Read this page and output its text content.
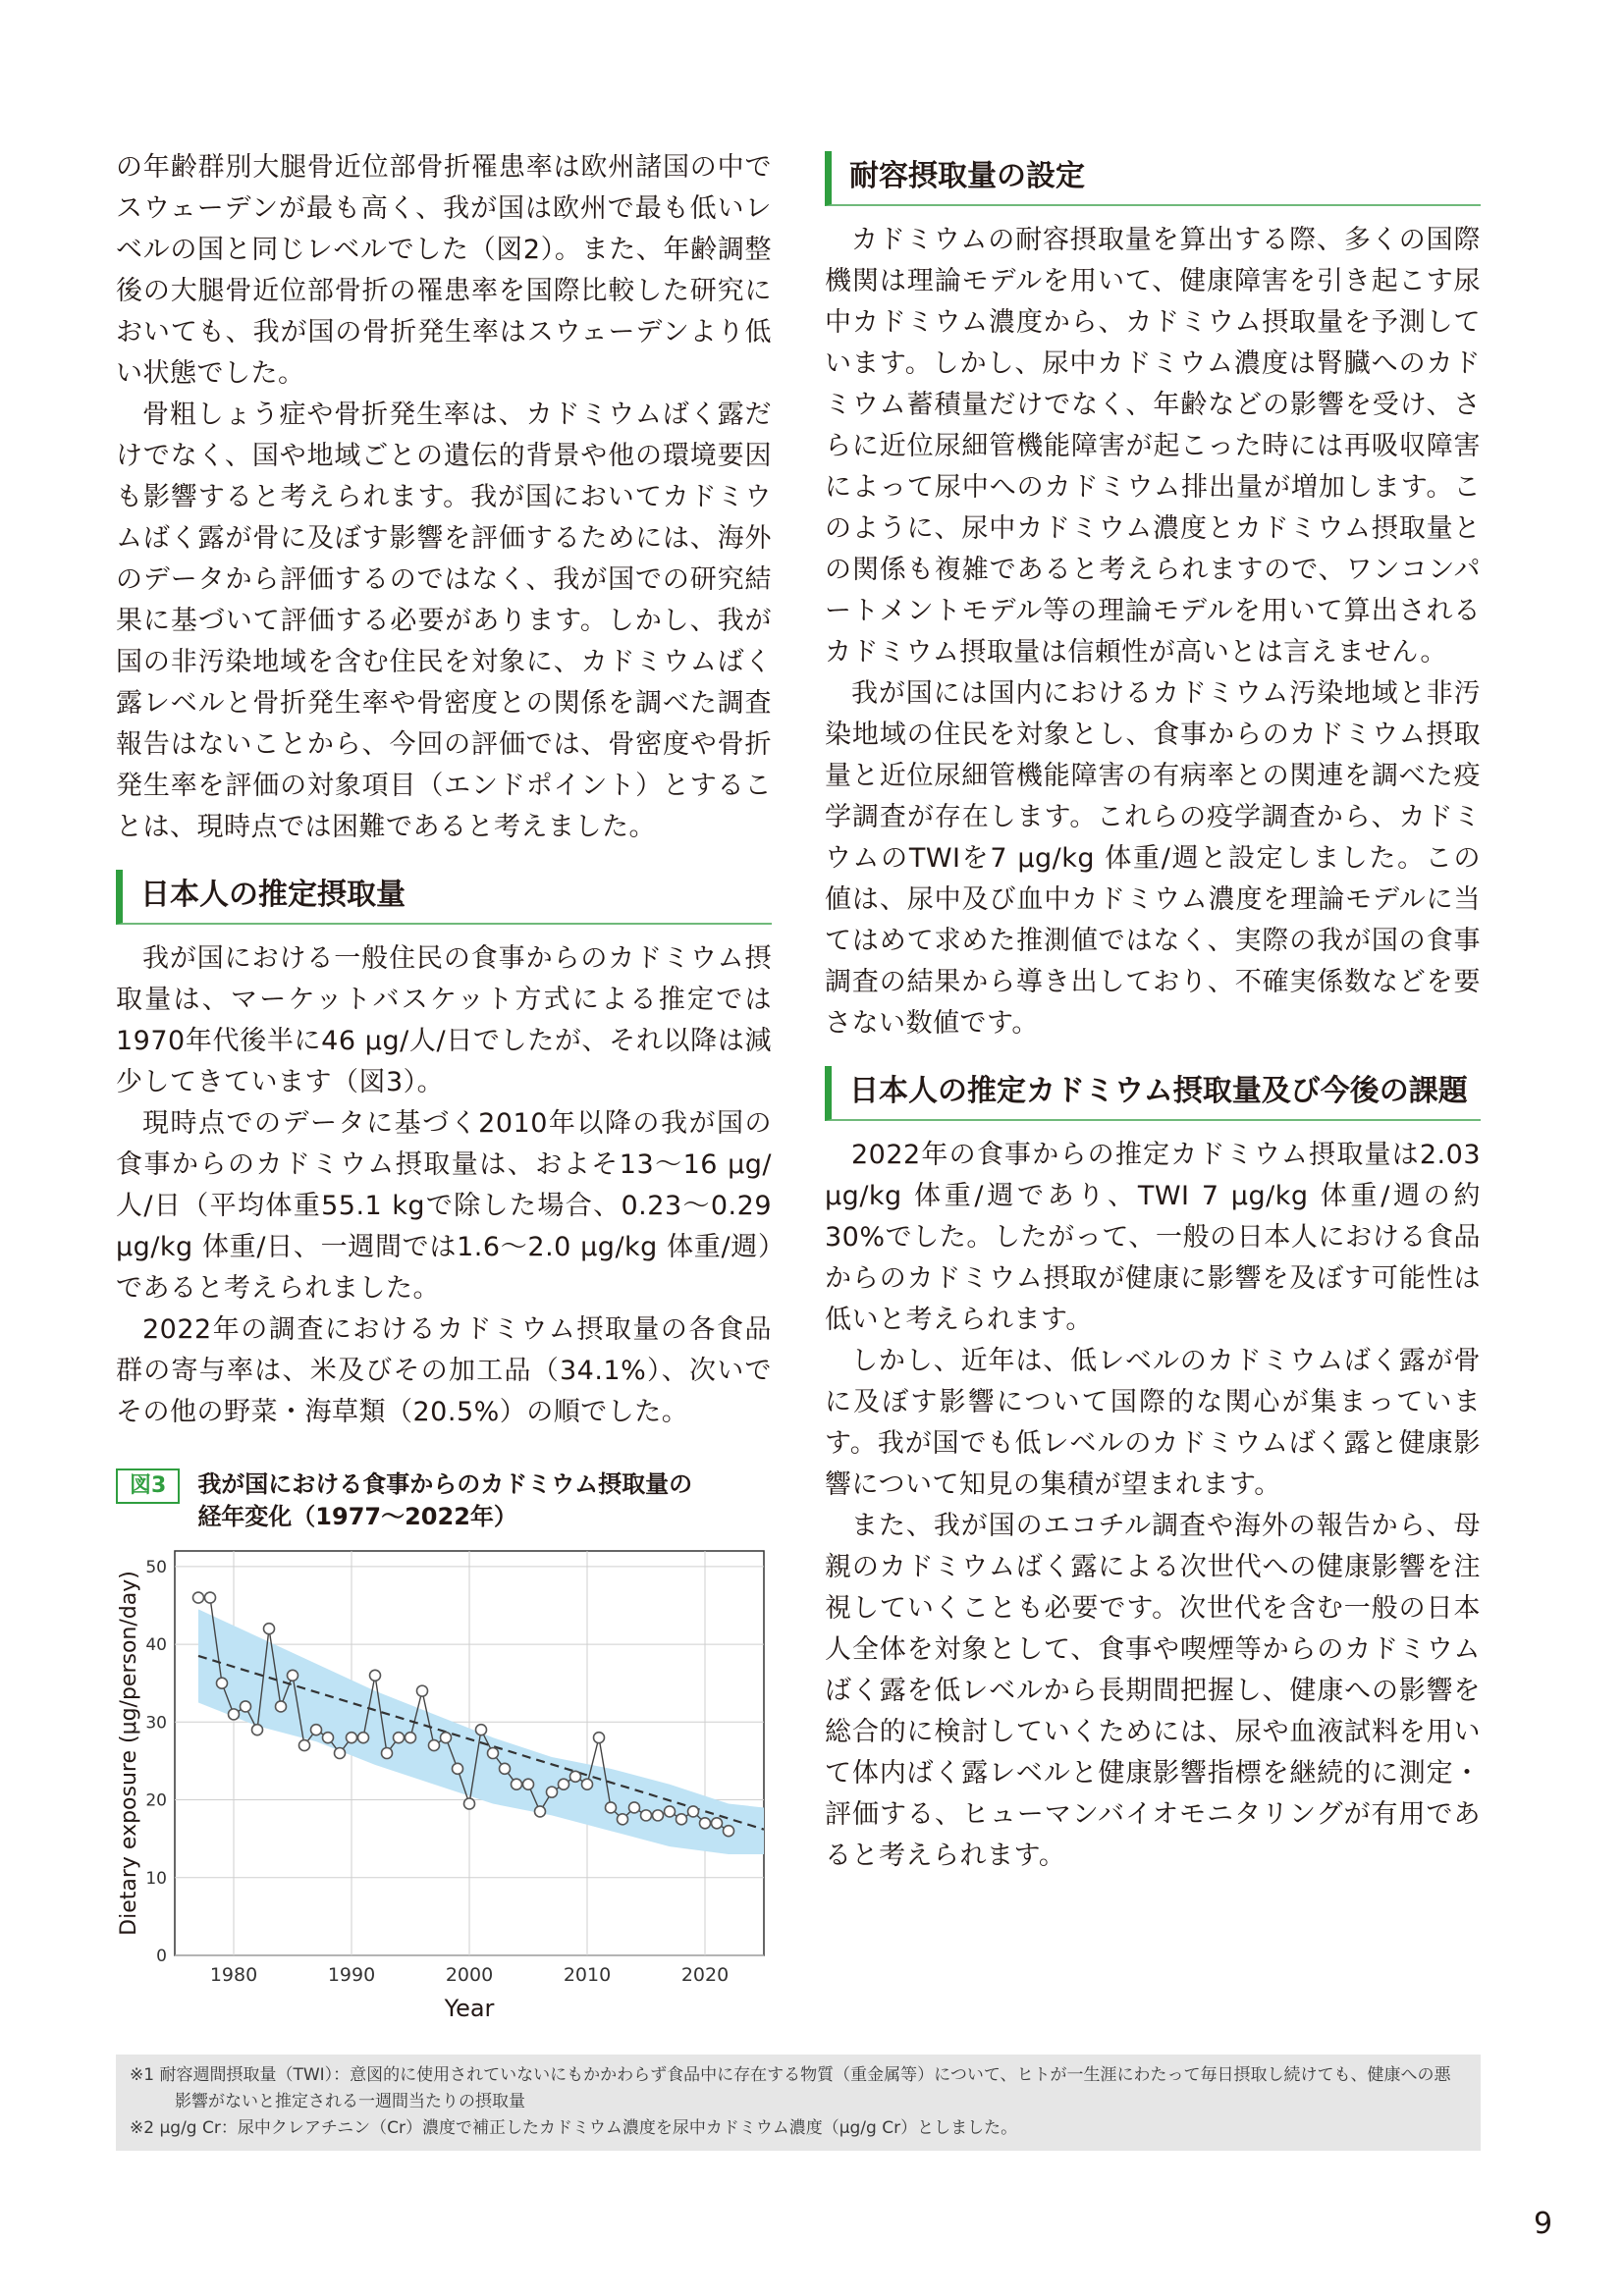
の年齢群別大腿骨近位部骨折罹患率は欧州諸国の中でスウェーデンが最も高く、我が国は欧州で最も低いレベルの国と同じレベルでした（図2）。また、年齢調整後の大腿骨近位部骨折の罹患率を国際比較した研究においても、我が国の骨折発生率はスウェーデンより低い状態でした。

骨粗しょう症や骨折発生率は、カドミウムばく露だけでなく、国や地域ごとの遺伝的背景や他の環境要因も影響すると考えられます。我が国においてカドミウムばく露が骨に及ぼす影響を評価するためには、海外のデータから評価するのではなく、我が国での研究結果に基づいて評価する必要があります。しかし、我が国の非汚染地域を含む住民を対象に、カドミウムばく露レベルと骨折発生率や骨密度との関係を調べた調査報告はないことから、今回の評価では、骨密度や骨折発生率を評価の対象項目（エンドポイント）とすることは、現時点では困難であると考えました。

日本人の推定摂取量

我が国における一般住民の食事からのカドミウム摂取量は、マーケットバスケット方式による推定では1970年代後半に46 μg/人/日でしたが、それ以降は減少してきています（図3）。

現時点でのデータに基づく2010年以降の我が国の食事からのカドミウム摂取量は、およそ13～16 μg/人/日（平均体重55.1 kgで除した場合、0.23～0.29 μg/kg 体重/日、一週間では1.6～2.0 μg/kg 体重/週）であると考えられました。

2022年の調査におけるカドミウム摂取量の各食品群の寄与率は、米及びその加工品（34.1%）、次いでその他の野菜・海草類（20.5%）の順でした。

図3	我が国における食事からのカドミウム摂取量の
経年変化（1977～2022年）
1980	1990	2000	2010	2020
0
10
20
30
40
50
Year
Dietary exposure (μg/person/day)
耐容摂取量の設定

カドミウムの耐容摂取量を算出する際、多くの国際機関は理論モデルを用いて、健康障害を引き起こす尿中カドミウム濃度から、カドミウム摂取量を予測しています。しかし、尿中カドミウム濃度は腎臓へのカドミウム蓄積量だけでなく、年齢などの影響を受け、さらに近位尿細管機能障害が起こった時には再吸収障害によって尿中へのカドミウム排出量が増加します。このように、尿中カドミウム濃度とカドミウム摂取量との関係も複雑であると考えられますので、ワンコンパートメントモデル等の理論モデルを用いて算出されるカドミウム摂取量は信頼性が高いとは言えません。

我が国には国内におけるカドミウム汚染地域と非汚染地域の住民を対象とし、食事からのカドミウム摂取量と近位尿細管機能障害の有病率との関連を調べた疫学調査が存在します。これらの疫学調査から、カドミウムのTWIを7 μg/kg 体重/週と設定しました。この値は、尿中及び血中カドミウム濃度を理論モデルに当てはめて求めた推測値ではなく、実際の我が国の食事調査の結果から導き出しており、不確実係数などを要さない数値です。

日本人の推定カドミウム摂取量及び今後の課題

2022年の食事からの推定カドミウム摂取量は2.03 μg/kg 体重/週であり、TWI 7 μg/kg 体重/週の約30%でした。したがって、一般の日本人における食品からのカドミウム摂取が健康に影響を及ぼす可能性は低いと考えられます。

しかし、近年は、低レベルのカドミウムばく露が骨に及ぼす影響について国際的な関心が集まっています。我が国でも低レベルのカドミウムばく露と健康影響について知見の集積が望まれます。

また、我が国のエコチル調査や海外の報告から、母親のカドミウムばく露による次世代への健康影響を注視していくことも必要です。次世代を含む一般の日本人全体を対象として、食事や喫煙等からのカドミウムばく露を低レベルから長期間把握し、健康への影響を総合的に検討していくためには、尿や血液試料を用いて体内ばく露レベルと健康影響指標を継続的に測定・評価する、ヒューマンバイオモニタリングが有用であると考えられます。

※1 耐容週間摂取量（TWI）：意図的に使用されていないにもかかわらず食品中に存在する物質（重金属等）について、ヒトが一生涯にわたって毎日摂取し続けても、健康への悪影響がないと推定される一週間当たりの摂取量

※2 μg/g Cr：尿中クレアチニン（Cr）濃度で補正したカドミウム濃度を尿中カドミウム濃度（μg/g Cr）としました。

9
